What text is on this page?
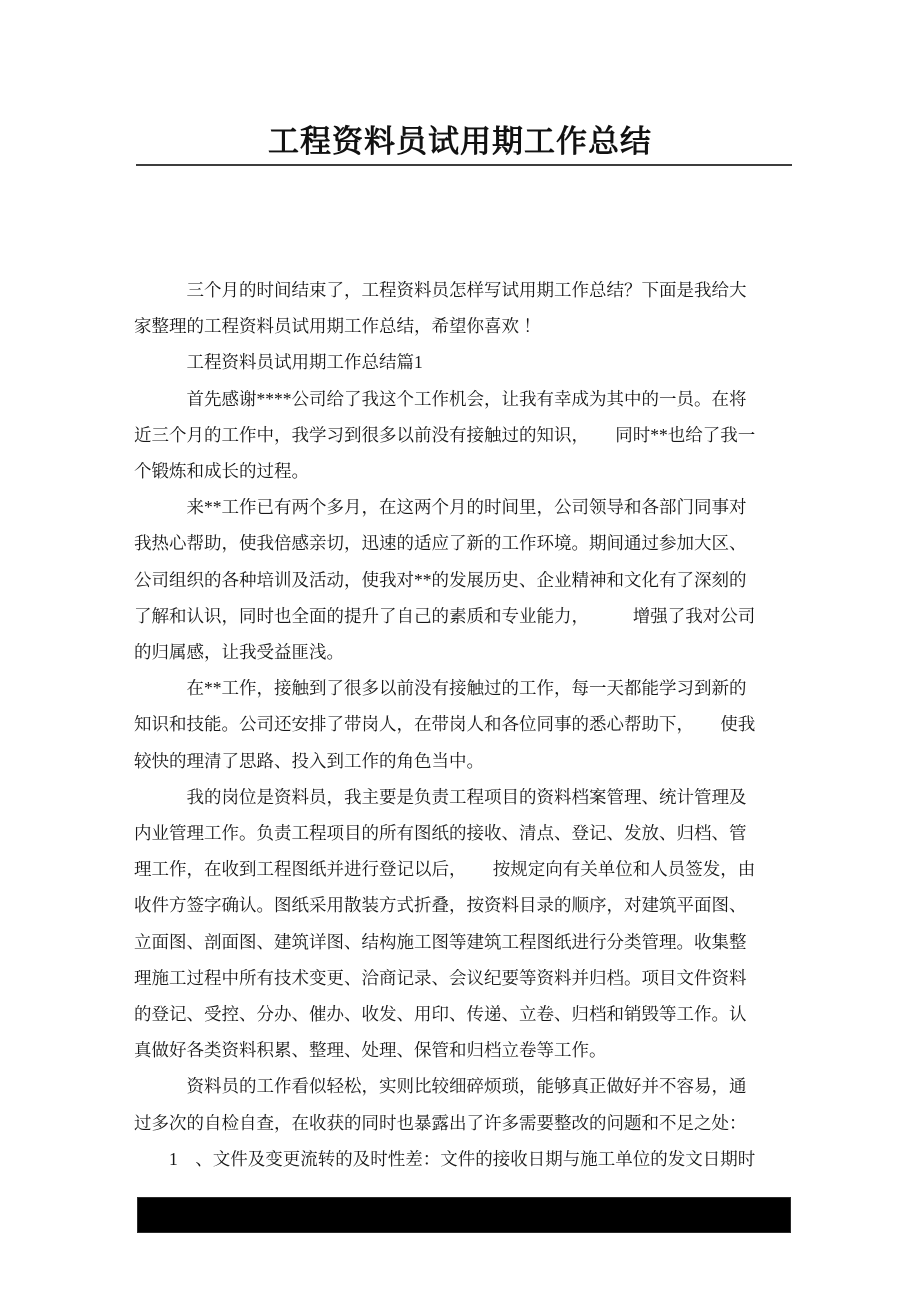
工程资料员试用期工作总结

三个月的时间结束了，工程资料员怎样写试用期工作总结？下面是我给大家整理的工程资料员试用期工作总结，希望你喜欢 ！

工程资料员试用期工作总结篇1

首先感谢****公司给了我这个工作机会，让我有幸成为其中的一员。在将近三个月的工作中，我学习到很多以前没有接触过的知识，　　同时**也给了我一个锻炼和成长的过程。

来**工作已有两个多月，在这两个月的时间里，公司领导和各部门同事对我热心帮助，使我倍感亲切，迅速的适应了新的工作环境。期间通过参加大区、公司组织的各种培训及活动，使我对**的发展历史、企业精神和文化有了深刻的了解和认识，同时也全面的提升了自己的素质和专业能力，　　　增强了我对公司的归属感，让我受益匪浅。

在**工作，接触到了很多以前没有接触过的工作，每一天都能学习到新的知识和技能。公司还安排了带岗人，在带岗人和各位同事的悉心帮助下，　　使我较快的理清了思路、投入到工作的角色当中。

我的岗位是资料员，我主要是负责工程项目的资料档案管理、统计管理及内业管理工作。负责工程项目的所有图纸的接收、清点、登记、发放、归档、管理工作，在收到工程图纸并进行登记以后，　　按规定向有关单位和人员签发，由收件方签字确认。图纸采用散装方式折叠，按资料目录的顺序，对建筑平面图、立面图、剖面图、建筑详图、结构施工图等建筑工程图纸进行分类管理。收集整理施工过程中所有技术变更、洽商记录、会议纪要等资料并归档。项目文件资料的登记、受控、分办、催办、收发、用印、传递、立卷、归档和销毁等工作。认真做好各类资料积累、整理、处理、保管和归档立卷等工作。

资料员的工作看似轻松，实则比较细碎烦琐，能够真正做好并不容易，通过多次的自检自查，在收获的同时也暴露出了许多需要整改的问题和不足之处：

1　、文件及变更流转的及时性差：文件的接收日期与施工单位的发文日期时
